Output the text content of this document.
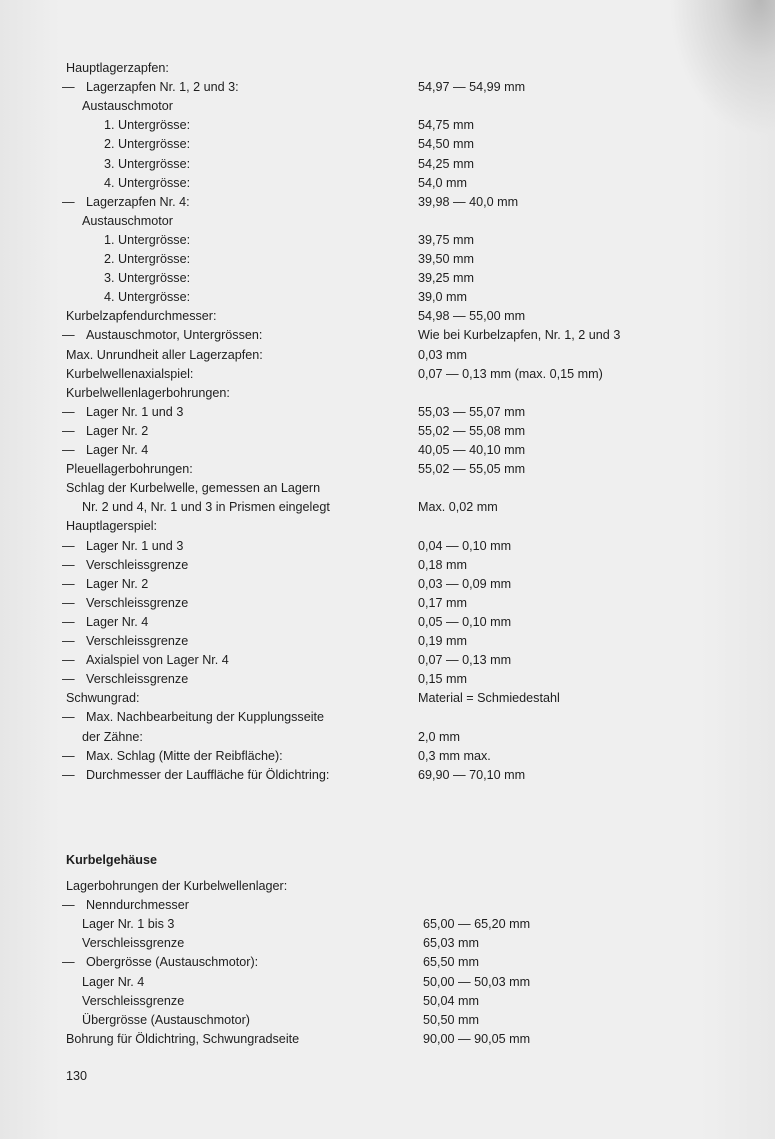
Hauptlagerzapfen:
— Lagerzapfen Nr. 1, 2 und 3:	54,97 — 54,99 mm
Austauschmotor
1. Untergrösse:	54,75 mm
2. Untergrösse:	54,50 mm
3. Untergrösse:	54,25 mm
4. Untergrösse:	54,0 mm
— Lagerzapfen Nr. 4:	39,98 — 40,0 mm
Austauschmotor
1. Untergrösse:	39,75 mm
2. Untergrösse:	39,50 mm
3. Untergrösse:	39,25 mm
4. Untergrösse:	39,0 mm
Kurbelzapfendurchmesser:	54,98 — 55,00 mm
— Austauschmotor, Untergrössen:	Wie bei Kurbelzapfen, Nr. 1, 2 und 3
Max. Unrundheit aller Lagerzapfen:	0,03 mm
Kurbelwellenaxialspiel:	0,07 — 0,13 mm (max. 0,15 mm)
Kurbelwellenlagerbohrungen:
— Lager Nr. 1 und 3	55,03 — 55,07 mm
— Lager Nr. 2	55,02 — 55,08 mm
— Lager Nr. 4	40,05 — 40,10 mm
Pleuellagerbohrungen:	55,02 — 55,05 mm
Schlag der Kurbelwelle, gemessen an Lagern
Nr. 2 und 4, Nr. 1 und 3 in Prismen eingelegt	Max. 0,02 mm
Hauptlagerspiel:
— Lager Nr. 1 und 3	0,04 — 0,10 mm
— Verschleissgrenze	0,18 mm
— Lager Nr. 2	0,03 — 0,09 mm
— Verschleissgrenze	0,17 mm
— Lager Nr. 4	0,05 — 0,10 mm
— Verschleissgrenze	0,19 mm
— Axialspiel von Lager Nr. 4	0,07 — 0,13 mm
— Verschleissgrenze	0,15 mm
Schwungrad:	Material = Schmiedestahl
— Max. Nachbearbeitung der Kupplungsseite
der Zähne:	2,0 mm
— Max. Schlag (Mitte der Reibfläche):	0,3 mm max.
— Durchmesser der Lauffläche für Öldichtring:	69,90 — 70,10 mm
Kurbelgehäuse
Lagerbohrungen der Kurbelwellenlager:
— Nenndurchmesser
Lager Nr. 1 bis 3	65,00 — 65,20 mm
Verschleissgrenze	65,03 mm
— Obergrösse (Austauschmotor):	65,50 mm
Lager Nr. 4	50,00 — 50,03 mm
Verschleissgrenze	50,04 mm
Übergrösse (Austauschmotor)	50,50 mm
Bohrung für Öldichtring, Schwungradseite	90,00 — 90,05 mm
130
